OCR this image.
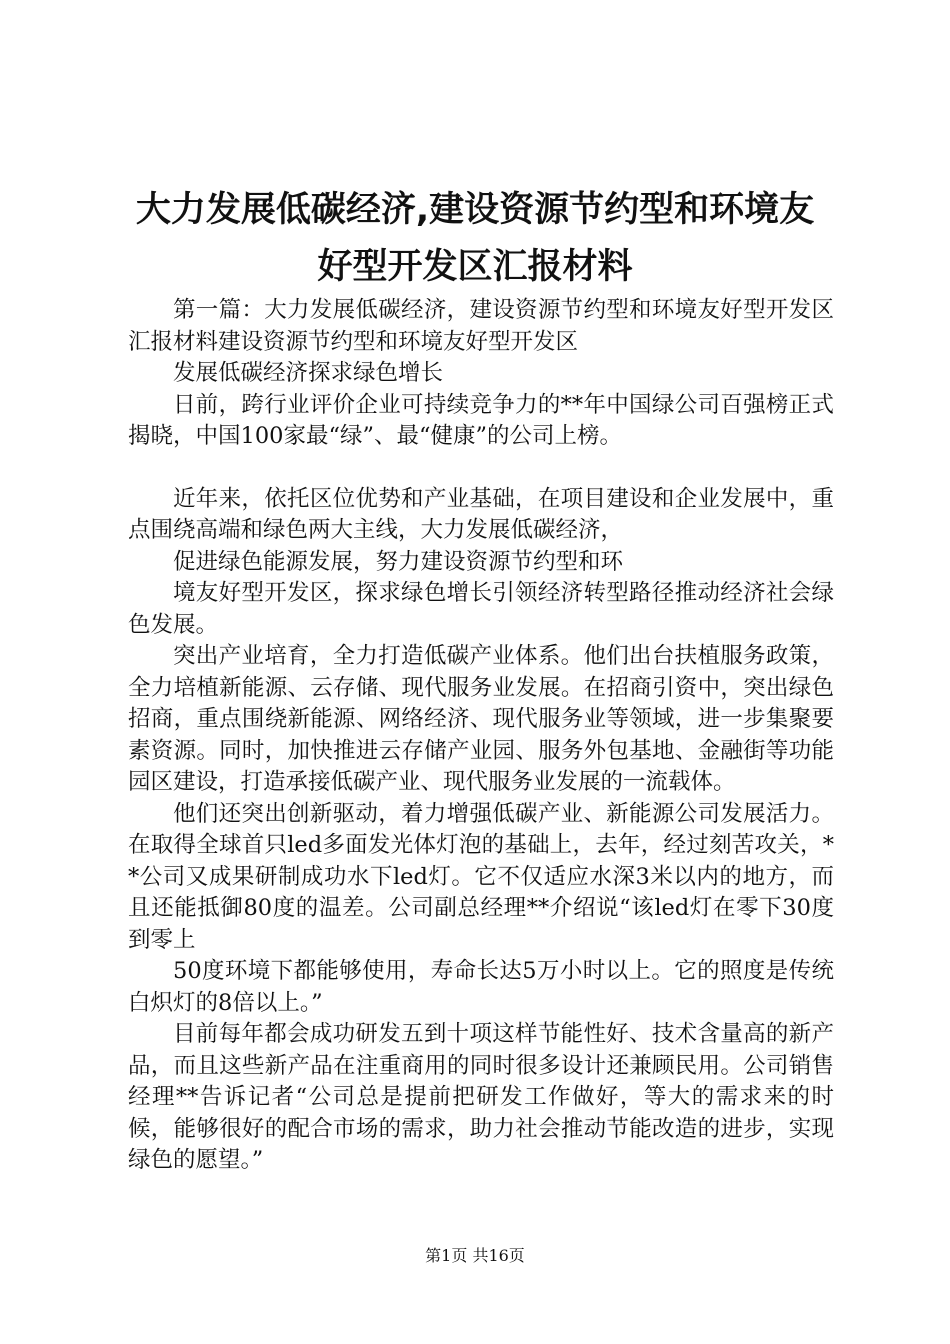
大力发展低碳经济,建设资源节约型和环境友
好型开发区汇报材料

第一篇：大力发展低碳经济，建设资源节约型和环境友好型开发区汇报材料建设资源节约型和环境友好型开发区

发展低碳经济探求绿色增长

日前，跨行业评价企业可持续竞争力的**年中国绿公司百强榜正式揭晓，中国100家最“绿”、最“健康”的公司上榜。

近年来，依托区位优势和产业基础，在项目建设和企业发展中，重点围绕高端和绿色两大主线，大力发展低碳经济，

促进绿色能源发展，努力建设资源节约型和环

境友好型开发区，探求绿色增长引领经济转型路径推动经济社会绿色发展。

突出产业培育，全力打造低碳产业体系。他们出台扶植服务政策，全力培植新能源、云存储、现代服务业发展。在招商引资中，突出绿色招商，重点围绕新能源、网络经济、现代服务业等领域，进一步集聚要素资源。同时，加快推进云存储产业园、服务外包基地、金融街等功能园区建设，打造承接低碳产业、现代服务业发展的一流载体。

他们还突出创新驱动，着力增强低碳产业、新能源公司发展活力。在取得全球首只led多面发光体灯泡的基础上，去年，经过刻苦攻关，**公司又成果研制成功水下led灯。它不仅适应水深3米以内的地方，而且还能抵御80度的温差。公司副总经理**介绍说“该led灯在零下30度到零上

50度环境下都能够使用，寿命长达5万小时以上。它的照度是传统白炽灯的8倍以上。”

目前每年都会成功研发五到十项这样节能性好、技术含量高的新产品，而且这些新产品在注重商用的同时很多设计还兼顾民用。公司销售经理**告诉记者“公司总是提前把研发工作做好，等大的需求来的时候，能够很好的配合市场的需求，助力社会推动节能改造的进步，实现绿色的愿望。”

第1页 共16页
